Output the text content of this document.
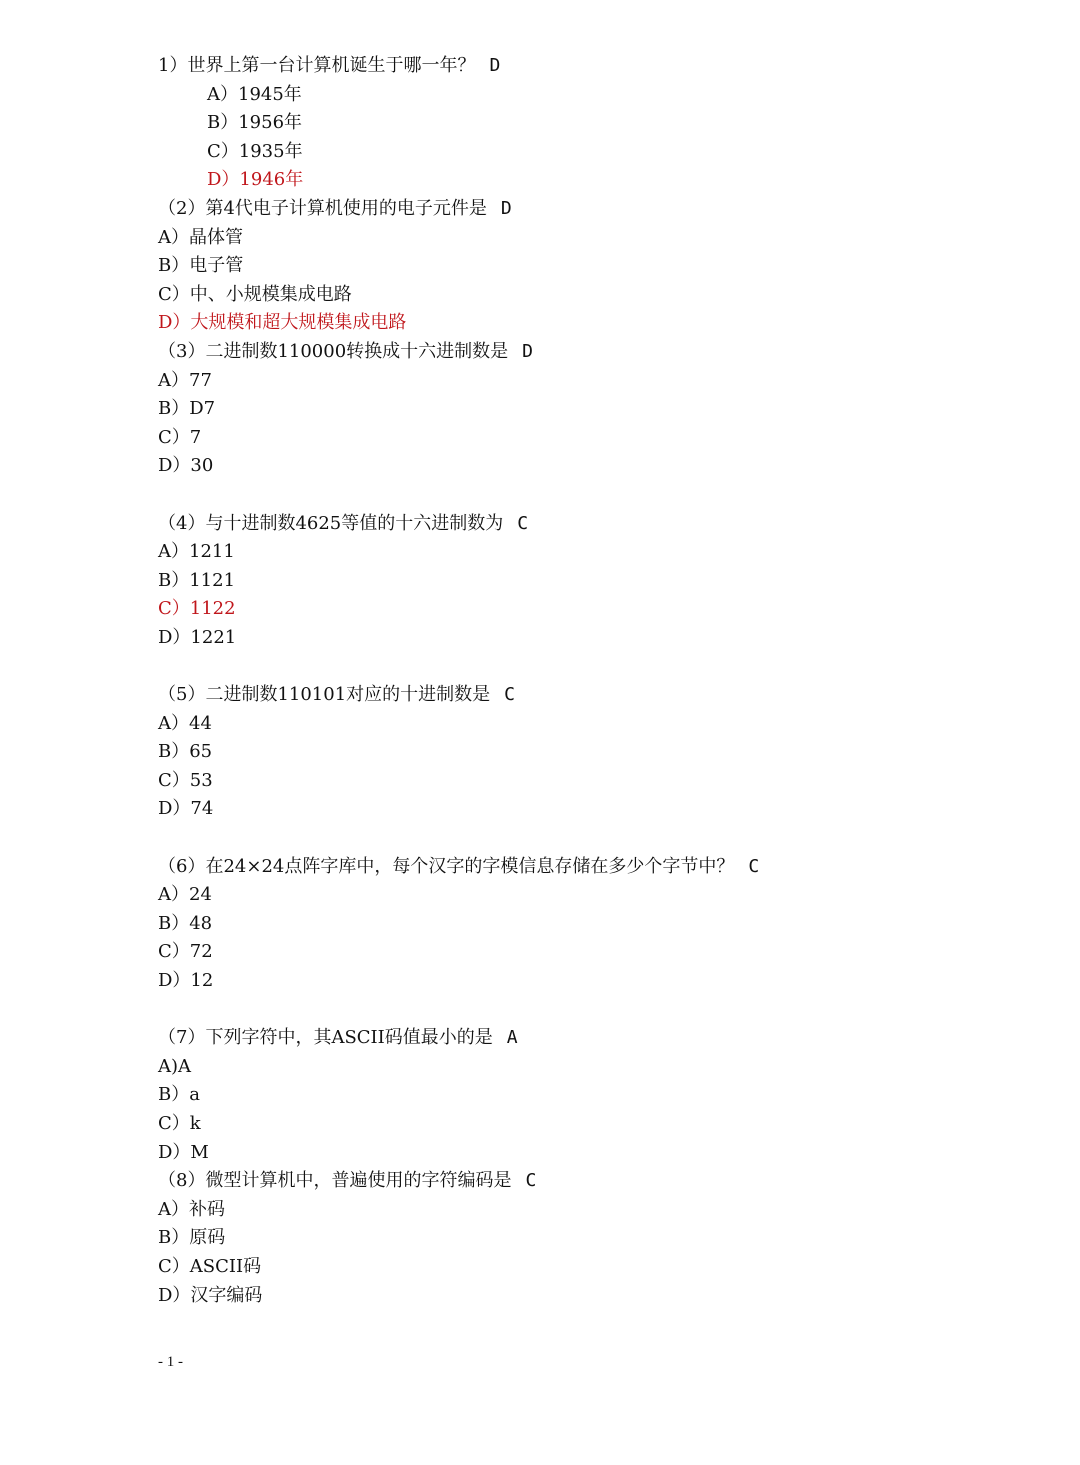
1）世界上第一台计算机诞生于哪一年？ D
A）1945年
B）1956年
C）1935年
D）1946年
（2）第4代电子计算机使用的电子元件是 D
A）晶体管
B）电子管
C）中、小规模集成电路
D）大规模和超大规模集成电路
（3）二进制数110000转换成十六进制数是 D
A）77
B）D7
C）7
D）30
（4）与十进制数4625等值的十六进制数为 C
A）1211
B）1121
C）1122
D）1221
（5）二进制数110101对应的十进制数是 C
A）44
B）65
C）53
D）74
（6）在24×24点阵字库中，每个汉字的字模信息存储在多少个字节中？ C
A）24
B）48
C）72
D）12
（7）下列字符中，其ASCII码值最小的是 A
A)A
B）a
C）k
D）M
（8）微型计算机中，普遍使用的字符编码是 C
A）补码
B）原码
C）ASCII码
D）汉字编码
- 1 -
